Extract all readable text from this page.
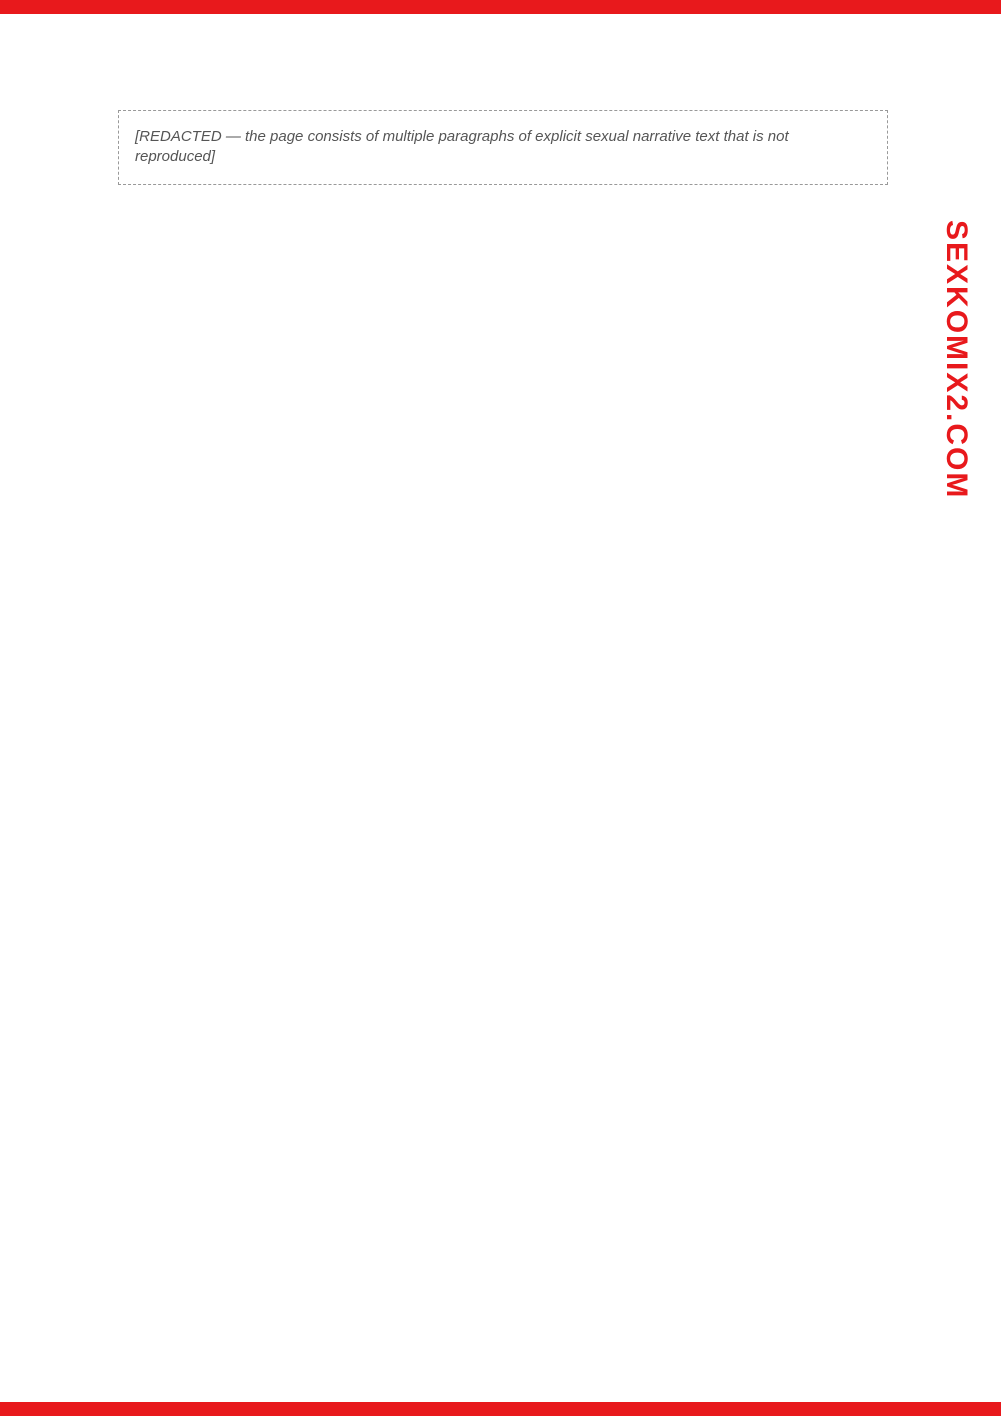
SEXKOMIX2.COM
[REDACTED — the page consists of multiple paragraphs of explicit sexual narrative text that is not reproduced]
